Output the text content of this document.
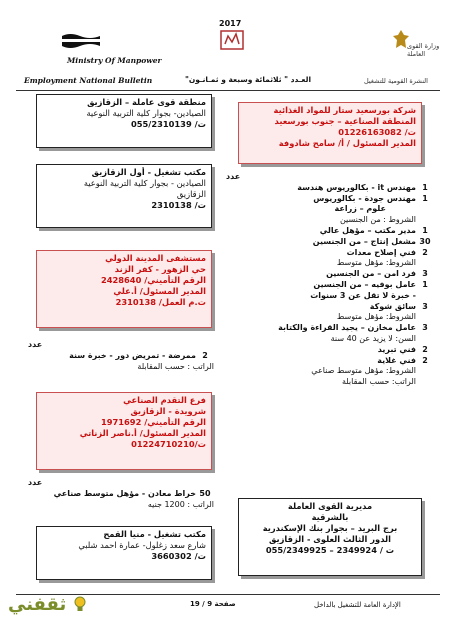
Ministry Of Manpower
2017
وزارة القوى العاملة
Employment National Bulletin	العـدد " ثلاثمائة وسبعة و ثمـانـون"	النشرة القومية للتشغيل
منطقة قوى عاملة – الزقازيق
الصيادين- بجوار كلية التربية النوعية
ت/ 055/2310139
مكتب تشغيل - أول الزقازيق
الصيادين - بجوار كلية التربية النوعية
الزقازيق
ت/ 2310138
مستشفى المدينة الدولي
حي الزهور - كفر الزند
الرقم التأميني/ 2428640
المدير المسئول/ أ.علي
ت.م العمل/ 2310138
عدد
2ممرضة - تمريض دور - خبرة سنة
الراتب : حسب المقابلة
فرع التقدم الصناعي
شرويدة - الزقازيق
الرقم التأميني/ 1971692
المدير المسئول/ أ.ناصر الزناتي
ت/01224710210
عدد
50خراط معادن - مؤهل متوسط صناعي
الراتب : 1200 جنيه
مكتب تشغيل - منيا القمح
شارع سعد زغلول- عمارة احمد شلبي
ت/ 3660302
شركة بورسعيد ستار للمواد الغذائية
المنطقة الصناعية – جنوب بورسعيد
ت/ 01226163082
المدير المسئول / أ/ سامح شادوفة
عدد
1مهندس it - بكالوريوس هندسة
1مهندس جودة - بكالوريوس
علوم – زراعة
الشروط : من الجنسين
1مدير مكتب – مؤهل عالي
30مشغل إنتاج – من الجنسين
2فني إصلاح معدات
الشروط: مؤهل متوسط
3فرد امن – من الجنسين
1عامل بوفيه – من الجنسين
- خبرة لا تقل عن 3 سنوات
3سائق شوكة
الشروط: مؤهل متوسط
3عامل مخازن – يجيد القراءة والكتابة
السن: لا يزيد عن 40 سنة
2فني تبريد
2فني غلاية
الشروط: مؤهل متوسط صناعي
الراتب: حسب المقابلة
مديرية القوى العاملة
بالشرقية
برج البريد – بجوار بنك الإسكندرية
الدور الثالث العلوى - الزقازيق
ت / 2349924 – 055/2349925
صفحة 9 / 19	الإدارة العامة للتشغيل بالداخل
ثقفني
